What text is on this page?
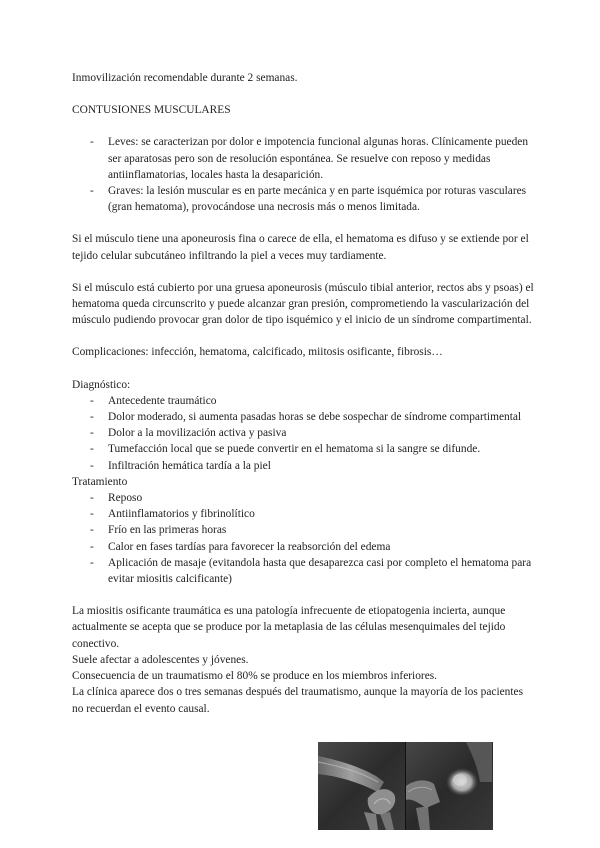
Inmovilización recomendable durante 2 semanas.

CONTUSIONES MUSCULARES

- Leves: se caracterizan por dolor e impotencia funcional algunas horas. Clínicamente pueden ser aparatosas pero son de resolución espontánea. Se resuelve con reposo y medidas antiinflamatorias, locales hasta la desaparición.
- Graves: la lesión muscular es en parte mecánica y en parte isquémica por roturas vasculares (gran hematoma), provocándose una necrosis más o menos limitada.

Si el músculo tiene una aponeurosis fina o carece de ella, el hematoma es difuso y se extiende por el tejido celular subcutáneo infiltrando la piel a veces muy tardiamente.

Si el músculo está cubierto por una gruesa aponeurosis (músculo tibial anterior, rectos abs y psoas) el hematoma queda circunscrito y puede alcanzar gran presión, comprometiendo la vascularización del músculo pudiendo provocar gran dolor de tipo isquémico y el inicio de un síndrome compartimental.

Complicaciones: infección, hematoma, calcificado, miitosis osificante, fibrosis…

Diagnóstico:

- Antecedente traumático
- Dolor moderado, si aumenta pasadas horas se debe sospechar de síndrome compartimental
- Dolor a la movilización activa y pasiva
- Tumefacción local que se puede convertir en el hematoma si la sangre se difunde.
- Infiltración hemática tardía a la piel

Tratamiento

- Reposo
- Antiinflamatorios y fibrinolítico
- Frío en las primeras horas
- Calor en fases tardías para favorecer la reabsorción del edema
- Aplicación de masaje (evitandola hasta que desaparezca casi por completo el hematoma para evitar miositis calcificante)

La miositis osificante traumática es una patología infrecuente de etiopatogenia incierta, aunque actualmente se acepta que se produce por la metaplasia de las células mesenquimales del tejido conectivo.

Suele afectar a adolescentes y jóvenes.

Consecuencia de un traumatismo el 80% se produce en los miembros inferiores.

La clínica aparece dos o tres semanas después del traumatismo, aunque la mayoría de los pacientes no recuerdan el evento causal.
